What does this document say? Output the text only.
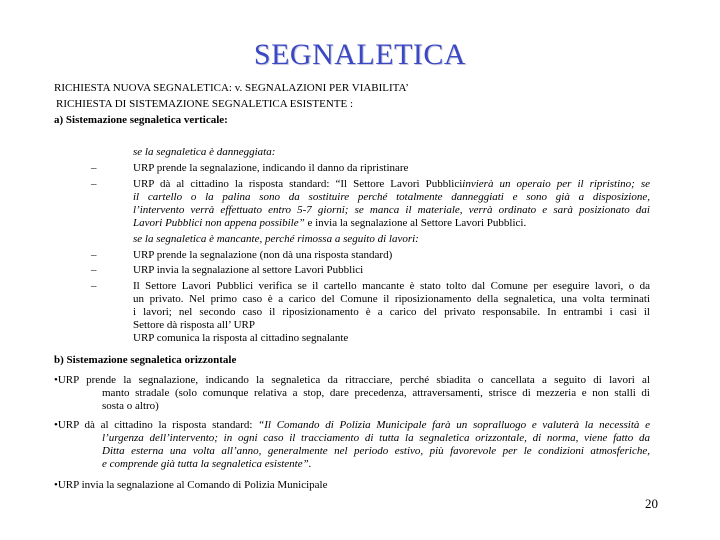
SEGNALETICA
RICHIESTA NUOVA SEGNALETICA: v. SEGNALAZIONI PER VIABILITA’
RICHIESTA DI SISTEMAZIONE SEGNALETICA ESISTENTE :
a) Sistemazione segnaletica verticale:
se la segnaletica è danneggiata:
–	URP prende la segnalazione, indicando il danno da ripristinare
–	URP dà al cittadino la risposta standard: “Il Settore Lavori Pubbliciinvierà un operaio per il ripristino; se
il cartello o la palina sono da sostituire perché totalmente danneggiati e sono già a disposizione,
l’intervento verrà effettuato entro 5-7 giorni; se manca il materiale, verrà ordinato e sarà posizionato dai
Lavori Pubblici non appena possibile” e invia la segnalazione al Settore Lavori Pubblici.
se la segnaletica è mancante, perché rimossa a seguito di lavori:
–	URP prende la segnalazione (non dà una risposta standard)
–	URP invia la segnalazione al settore Lavori Pubblici
–	Il Settore Lavori Pubblici verifica se il cartello mancante è stato tolto dal Comune per eseguire lavori, o da
un privato. Nel primo caso è a carico del Comune il riposizionamento della segnaletica, una volta terminati
i lavori; nel secondo caso il riposizionamento è a carico del privato responsabile. In entrambi i casi il
Settore dà risposta all’ URP
URP comunica la risposta al cittadino segnalante
b) Sistemazione segnaletica orizzontale
•URP prende la segnalazione, indicando la segnaletica da ritracciare, perché sbiadita o cancellata a seguito di lavori al
manto stradale (solo comunque relativa a stop, dare precedenza, attraversamenti, strisce di mezzeria e non stalli di
sosta o altro)
•URP dà al cittadino la risposta standard: “Il Comando di Polizia Municipale farà un sopralluogo e valuterà la necessità e
l’urgenza dell’intervento; in ogni caso il tracciamento di tutta la segnaletica orizzontale, di norma, viene fatto da
Ditta esterna una volta all’anno, generalmente nel periodo estivo, più favorevole per le condizioni atmosferiche,
e comprende già tutta la segnaletica esistente”.
•URP invia la segnalazione al Comando di Polizia Municipale
20
